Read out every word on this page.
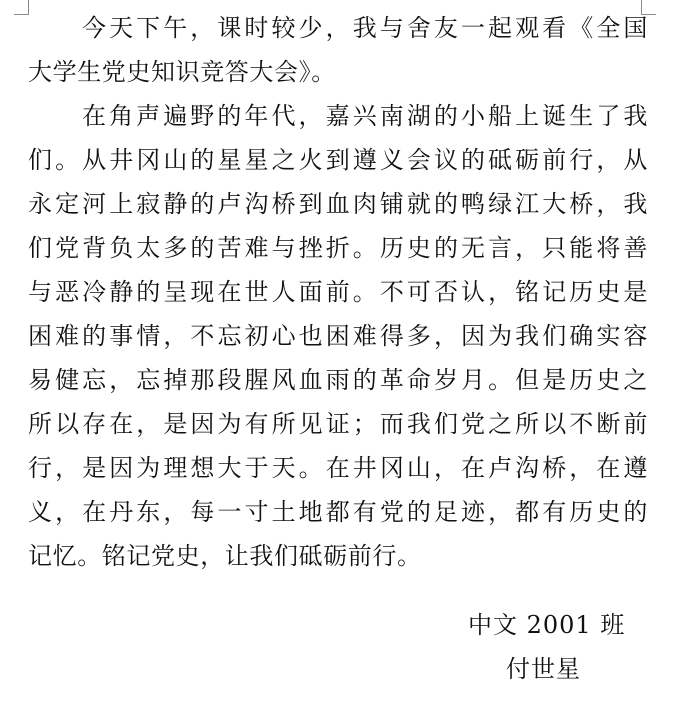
今天下午，课时较少，我与舍友一起观看《全国
大学生党史知识竞答大会》。
在角声遍野的年代，嘉兴南湖的小船上诞生了我
们。从井冈山的星星之火到遵义会议的砥砺前行，从
永定河上寂静的卢沟桥到血肉铺就的鸭绿江大桥，我
们党背负太多的苦难与挫折。历史的无言，只能将善
与恶冷静的呈现在世人面前。不可否认，铭记历史是
困难的事情，不忘初心也困难得多，因为我们确实容
易健忘，忘掉那段腥风血雨的革命岁月。但是历史之
所以存在，是因为有所见证；而我们党之所以不断前
行，是因为理想大于天。在井冈山，在卢沟桥，在遵
义，在丹东，每一寸土地都有党的足迹，都有历史的
记忆。铭记党史，让我们砥砺前行。
中文 2001 班
付世星
